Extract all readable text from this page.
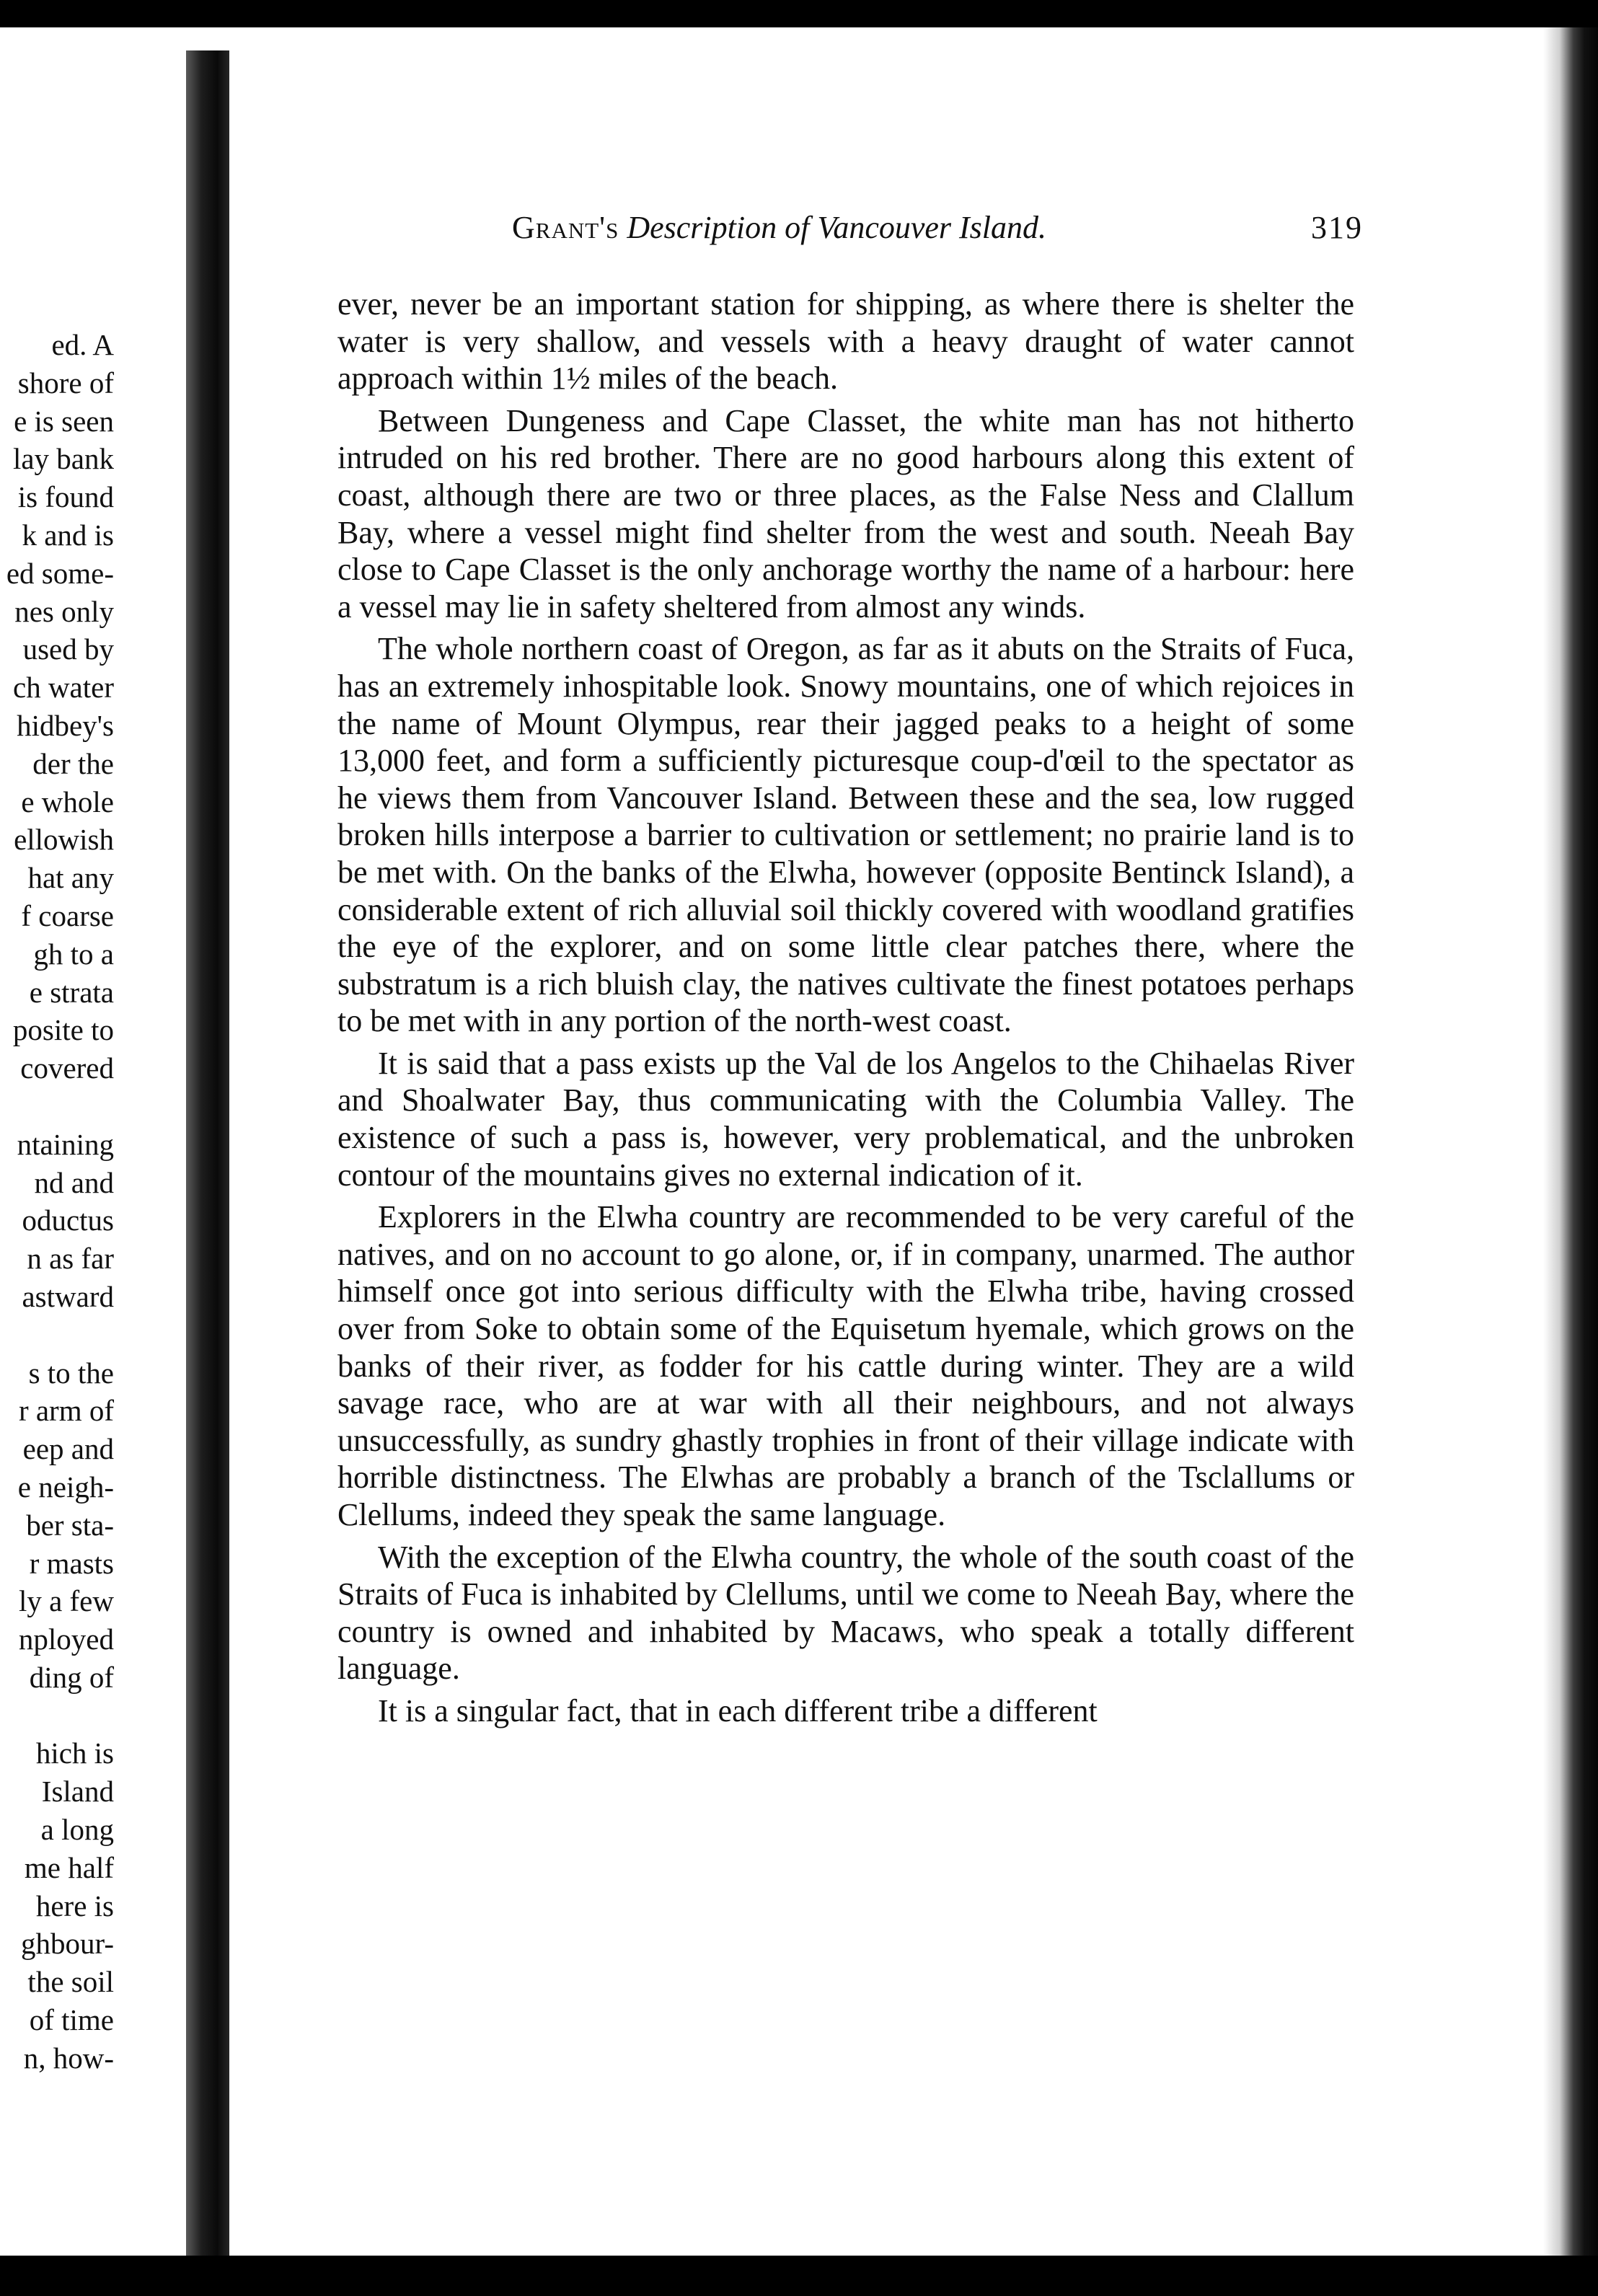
ed. A
shore of
e is seen
lay bank
is found
k and is
ed some-
nes only
used by
ch water
hidbey's
der the
e whole
ellowish
hat any
f coarse
gh to a
e strata
posite to
covered

ntaining
nd and
oductus
n as far
astward

s to the
r arm of
eep and
e neigh-
ber sta-
r masts
ly a few
nployed
ding of

hich is
Island
a long
me half
here is
ghbour-
the soil
of time
n, how-
Grant's Description of Vancouver Island.	319

ever, never be an important station for shipping, as where there is shelter the water is very shallow, and vessels with a heavy draught of water cannot approach within 1½ miles of the beach.

Between Dungeness and Cape Classet, the white man has not hitherto intruded on his red brother. There are no good harbours along this extent of coast, although there are two or three places, as the False Ness and Clallum Bay, where a vessel might find shelter from the west and south. Neeah Bay close to Cape Classet is the only anchorage worthy the name of a harbour: here a vessel may lie in safety sheltered from almost any winds.

The whole northern coast of Oregon, as far as it abuts on the Straits of Fuca, has an extremely inhospitable look. Snowy mountains, one of which rejoices in the name of Mount Olympus, rear their jagged peaks to a height of some 13,000 feet, and form a sufficiently picturesque coup-d'œil to the spectator as he views them from Vancouver Island. Between these and the sea, low rugged broken hills interpose a barrier to cultivation or settlement; no prairie land is to be met with. On the banks of the Elwha, however (opposite Bentinck Island), a considerable extent of rich alluvial soil thickly covered with woodland gratifies the eye of the explorer, and on some little clear patches there, where the substratum is a rich bluish clay, the natives cultivate the finest potatoes perhaps to be met with in any portion of the north-west coast.

It is said that a pass exists up the Val de los Angelos to the Chihaelas River and Shoalwater Bay, thus communicating with the Columbia Valley. The existence of such a pass is, however, very problematical, and the unbroken contour of the mountains gives no external indication of it.

Explorers in the Elwha country are recommended to be very careful of the natives, and on no account to go alone, or, if in company, unarmed. The author himself once got into serious difficulty with the Elwha tribe, having crossed over from Soke to obtain some of the Equisetum hyemale, which grows on the banks of their river, as fodder for his cattle during winter. They are a wild savage race, who are at war with all their neighbours, and not always unsuccessfully, as sundry ghastly trophies in front of their village indicate with horrible distinctness. The Elwhas are probably a branch of the Tsclallums or Clellums, indeed they speak the same language.

With the exception of the Elwha country, the whole of the south coast of the Straits of Fuca is inhabited by Clellums, until we come to Neeah Bay, where the country is owned and inhabited by Macaws, who speak a totally different language.

It is a singular fact, that in each different tribe a different
